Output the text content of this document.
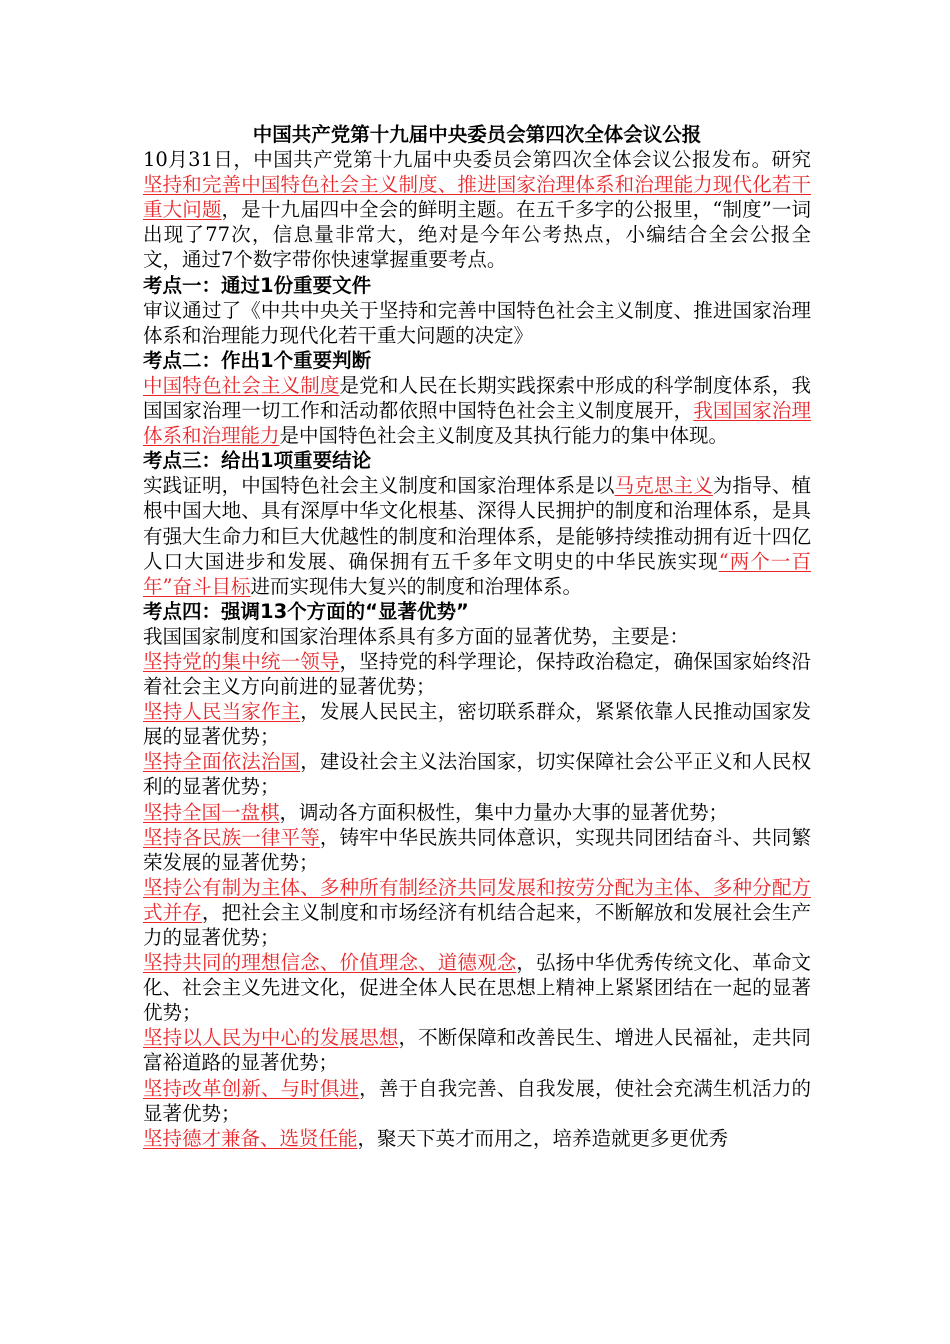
中国共产党第十九届中央委员会第四次全体会议公报

10月31日，中国共产党第十九届中央委员会第四次全体会议公报发布。研究坚持和完善中国特色社会主义制度、推进国家治理体系和治理能力现代化若干重大问题，是十九届四中全会的鲜明主题。在五千多字的公报里，“制度”一词出现了77次，信息量非常大，绝对是今年公考热点，小编结合全会公报全文，通过7个数字带你快速掌握重要考点。

考点一：通过1份重要文件

审议通过了《中共中央关于坚持和完善中国特色社会主义制度、推进国家治理体系和治理能力现代化若干重大问题的决定》

考点二：作出1个重要判断

中国特色社会主义制度是党和人民在长期实践探索中形成的科学制度体系，我国国家治理一切工作和活动都依照中国特色社会主义制度展开，我国国家治理体系和治理能力是中国特色社会主义制度及其执行能力的集中体现。

考点三：给出1项重要结论

实践证明，中国特色社会主义制度和国家治理体系是以马克思主义为指导、植根中国大地、具有深厚中华文化根基、深得人民拥护的制度和治理体系，是具有强大生命力和巨大优越性的制度和治理体系，是能够持续推动拥有近十四亿人口大国进步和发展、确保拥有五千多年文明史的中华民族实现“两个一百年”奋斗目标进而实现伟大复兴的制度和治理体系。

考点四：强调13个方面的“显著优势”

我国国家制度和国家治理体系具有多方面的显著优势，主要是：

坚持党的集中统一领导，坚持党的科学理论，保持政治稳定，确保国家始终沿着社会主义方向前进的显著优势；

坚持人民当家作主，发展人民民主，密切联系群众，紧紧依靠人民推动国家发展的显著优势；

坚持全面依法治国，建设社会主义法治国家，切实保障社会公平正义和人民权利的显著优势；

坚持全国一盘棋，调动各方面积极性，集中力量办大事的显著优势；

坚持各民族一律平等，铸牢中华民族共同体意识，实现共同团结奋斗、共同繁荣发展的显著优势；

坚持公有制为主体、多种所有制经济共同发展和按劳分配为主体、多种分配方式并存，把社会主义制度和市场经济有机结合起来，不断解放和发展社会生产力的显著优势；

坚持共同的理想信念、价值理念、道德观念，弘扬中华优秀传统文化、革命文化、社会主义先进文化，促进全体人民在思想上精神上紧紧团结在一起的显著优势；

坚持以人民为中心的发展思想，不断保障和改善民生、增进人民福祉，走共同富裕道路的显著优势；

坚持改革创新、与时俱进，善于自我完善、自我发展，使社会充满生机活力的显著优势；

坚持德才兼备、选贤任能，聚天下英才而用之，培养造就更多更优秀
